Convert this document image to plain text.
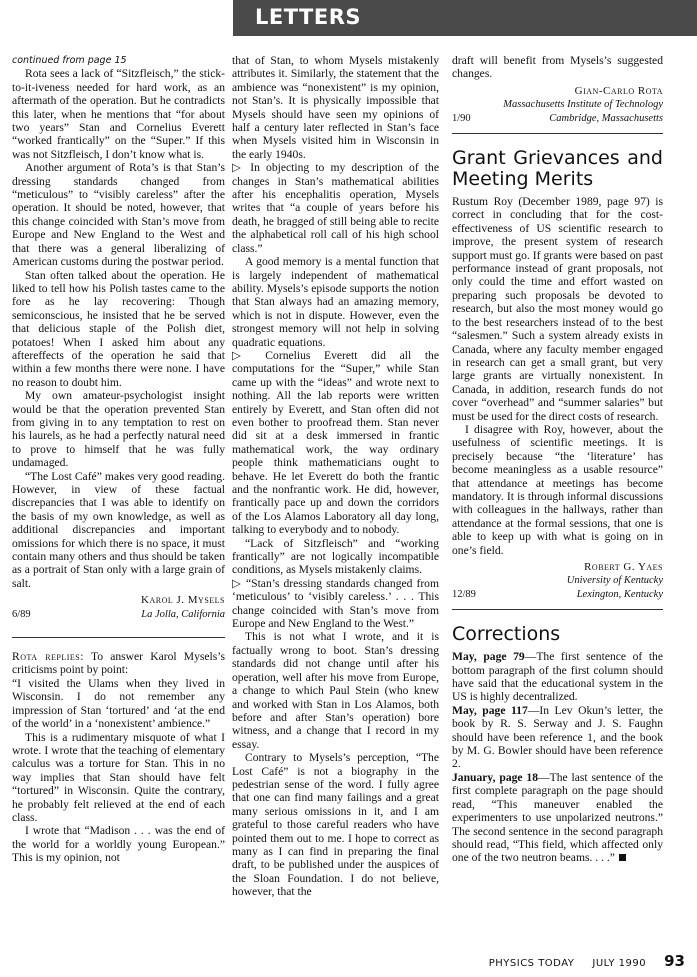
LETTERS

continued from page 15

Rota sees a lack of “Sitzfleisch,” the stick-to-it-iveness needed for hard work, as an aftermath of the operation. But he contradicts this later, when he mentions that “for about two years” Stan and Cornelius Everett “worked frantically” on the “Super.” If this was not Sitzfleisch, I don’t know what is.

Another argument of Rota’s is that Stan’s dressing standards changed from “meticulous” to “visibly careless” after the operation. It should be noted, however, that this change coincided with Stan’s move from Europe and New England to the West and that there was a general liberalizing of American customs during the postwar period.

Stan often talked about the operation. He liked to tell how his Polish tastes came to the fore as he lay recovering: Though semiconscious, he insisted that he be served that delicious staple of the Polish diet, potatoes! When I asked him about any aftereffects of the operation he said that within a few months there were none. I have no reason to doubt him.

My own amateur-psychologist insight would be that the operation prevented Stan from giving in to any temptation to rest on his laurels, as he had a perfectly natural need to prove to himself that he was fully undamaged.

“The Lost Café” makes very good reading. However, in view of these factual discrepancies that I was able to identify on the basis of my own knowledge, as well as additional discrepancies and important omissions for which there is no space, it must contain many others and thus should be taken as a portrait of Stan only with a large grain of salt.

Karol J. Mysels

6/89	La Jolla, California

Rota replies: To answer Karol Mysels’s criticisms point by point:

“I visited the Ulams when they lived in Wisconsin. I do not remember any impression of Stan ‘tortured’ and ‘at the end of the world’ in a ‘nonexistent’ ambience.”

This is a rudimentary misquote of what I wrote. I wrote that the teaching of elementary calculus was a torture for Stan. This in no way implies that Stan should have felt “tortured” in Wisconsin. Quite the contrary, he probably felt relieved at the end of each class.

I wrote that “Madison . . . was the end of the world for a worldly young European.” This is my opinion, not

that of Stan, to whom Mysels mistakenly attributes it. Similarly, the statement that the ambience was “nonexistent” is my opinion, not Stan’s. It is physically impossible that Mysels should have seen my opinions of half a century later reflected in Stan’s face when Mysels visited him in Wisconsin in the early 1940s.

▷ In objecting to my description of the changes in Stan’s mathematical abilities after his encephalitis operation, Mysels writes that “a couple of years before his death, he bragged of still being able to recite the alphabetical roll call of his high school class.”

A good memory is a mental function that is largely independent of mathematical ability. Mysels’s episode supports the notion that Stan always had an amazing memory, which is not in dispute. However, even the strongest memory will not help in solving quadratic equations.

▷ Cornelius Everett did all the computations for the “Super,” while Stan came up with the “ideas” and wrote next to nothing. All the lab reports were written entirely by Everett, and Stan often did not even bother to proofread them. Stan never did sit at a desk immersed in frantic mathematical work, the way ordinary people think mathematicians ought to behave. He let Everett do both the frantic and the nonfrantic work. He did, however, frantically pace up and down the corridors of the Los Alamos Laboratory all day long, talking to everybody and to nobody.

“Lack of Sitzfleisch” and “working frantically” are not logically incompatible conditions, as Mysels mistakenly claims.

▷ “Stan’s dressing standards changed from ‘meticulous’ to ‘visibly careless.’ . . . This change coincided with Stan’s move from Europe and New England to the West.”

This is not what I wrote, and it is factually wrong to boot. Stan’s dressing standards did not change until after his operation, well after his move from Europe, a change to which Paul Stein (who knew and worked with Stan in Los Alamos, both before and after Stan’s operation) bore witness, and a change that I record in my essay.

Contrary to Mysels’s perception, “The Lost Café” is not a biography in the pedestrian sense of the word. I fully agree that one can find many failings and a great many serious omissions in it, and I am grateful to those careful readers who have pointed them out to me. I hope to correct as many as I can find in preparing the final draft, to be published under the auspices of the Sloan Foundation. I do not believe, however, that the

draft will benefit from Mysels’s suggested changes.

Gian-Carlo Rota

Massachusetts Institute of Technology

1/90	Cambridge, Massachusetts
Grant Grievances and Meeting Merits

Rustum Roy (December 1989, page 97) is correct in concluding that for the cost-effectiveness of US scientific research to improve, the present system of research support must go. If grants were based on past performance instead of grant proposals, not only could the time and effort wasted on preparing such proposals be devoted to research, but also the most money would go to the best researchers instead of to the best “salesmen.” Such a system already exists in Canada, where any faculty member engaged in research can get a small grant, but very large grants are virtually nonexistent. In Canada, in addition, research funds do not cover “overhead” and “summer salaries” but must be used for the direct costs of research.

I disagree with Roy, however, about the usefulness of scientific meetings. It is precisely because “the ‘literature’ has become meaningless as a usable resource” that attendance at meetings has become mandatory. It is through informal discussions with colleagues in the hallways, rather than attendance at the formal sessions, that one is able to keep up with what is going on in one’s field.

Robert G. Yaes

University of Kentucky

12/89	Lexington, Kentucky
Corrections

May, page 79—The first sentence of the bottom paragraph of the first column should have said that the educational system in the US is highly decentralized.

May, page 117—In Lev Okun’s letter, the book by R. S. Serway and J. S. Faughn should have been reference 1, and the book by M. G. Bowler should have been reference 2.

January, page 18—The last sentence of the first complete paragraph on the page should read, “This maneuver enabled the experimenters to use unpolarized neutrons.” The second sentence in the second paragraph should read, “This field, which affected only one of the two neutron beams. . . .”

PHYSICS TODAY JULY 1990 93
